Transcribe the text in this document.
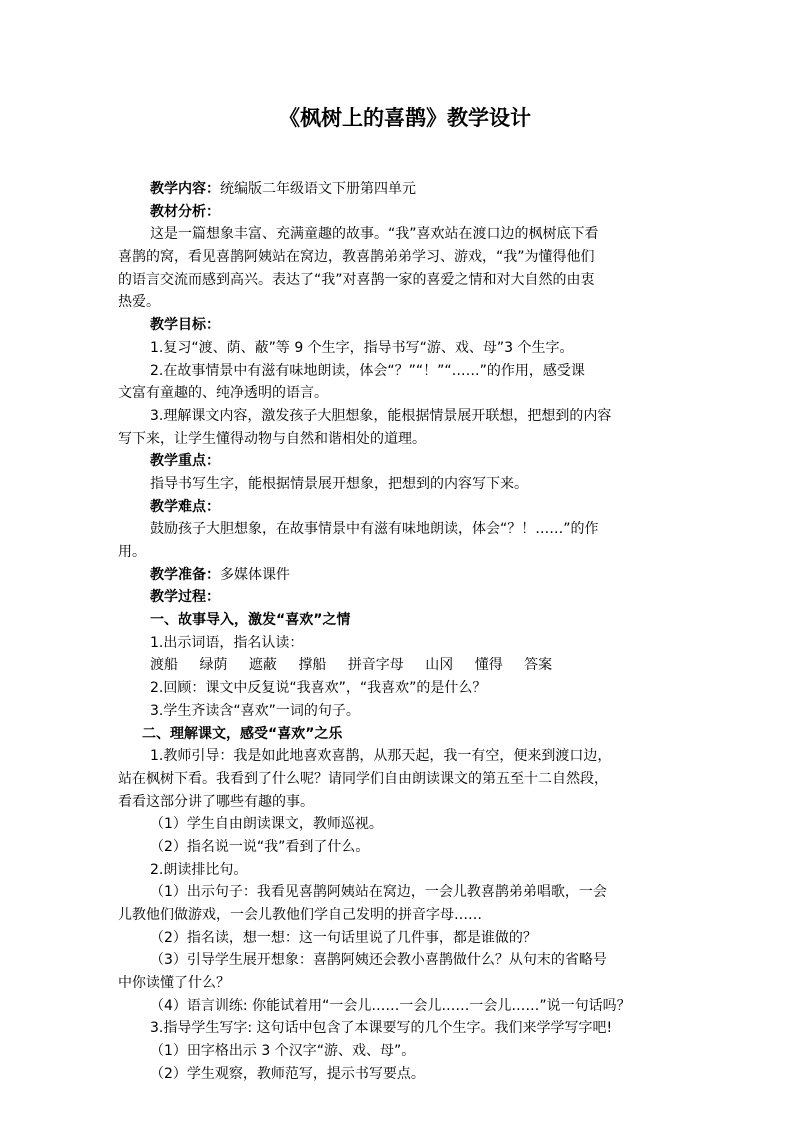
《枫树上的喜鹊》教学设计
教学内容：统编版二年级语文下册第四单元
教材分析：
这是一篇想象丰富、充满童趣的故事。“我”喜欢站在渡口边的枫树底下看
喜鹊的窝，看见喜鹊阿姨站在窝边，教喜鹊弟弟学习、游戏，“我”为懂得他们
的语言交流而感到高兴。表达了“我”对喜鹊一家的喜爱之情和对大自然的由衷
热爱。
教学目标：
1.复习“渡、荫、蔽”等 9 个生字，指导书写“游、戏、母”3 个生字。
2.在故事情景中有滋有味地朗读，体会“？”“！”“……”的作用，感受课
文富有童趣的、纯净透明的语言。
3.理解课文内容，激发孩子大胆想象，能根据情景展开联想，把想到的内容
写下来，让学生懂得动物与自然和谐相处的道理。
教学重点：
指导书写生字，能根据情景展开想象，把想到的内容写下来。
教学难点：
鼓励孩子大胆想象，在故事情景中有滋有味地朗读，体会“？！……”的作
用。
教学准备：多媒体课件
教学过程：
一、故事导入，激发“喜欢”之情
1.出示词语，指名认读：
渡船 绿荫 遮蔽 撑船 拼音字母 山冈 懂得 答案
2.回顾：课文中反复说“我喜欢”，“我喜欢”的是什么？
3.学生齐读含“喜欢”一词的句子。
二、理解课文，感受“喜欢”之乐
1.教师引导：我是如此地喜欢喜鹊，从那天起，我一有空，便来到渡口边，
站在枫树下看。我看到了什么呢？请同学们自由朗读课文的第五至十二自然段，
看看这部分讲了哪些有趣的事。
（1）学生自由朗读课文，教师巡视。
（2）指名说一说“我”看到了什么。
2.朗读排比句。
（1）出示句子：我看见喜鹊阿姨站在窝边，一会儿教喜鹊弟弟唱歌，一会
儿教他们做游戏，一会儿教他们学自己发明的拼音字母……
（2）指名读，想一想：这一句话里说了几件事，都是谁做的？
（3）引导学生展开想象：喜鹊阿姨还会教小喜鹊做什么？从句末的省略号
中你读懂了什么？
（4）语言训练: 你能试着用“一会儿……一会儿……一会儿……”说一句话吗？
3.指导学生写字: 这句话中包含了本课要写的几个生字。我们来学学写字吧!
（1）田字格出示 3 个汉字“游、戏、母”。
（2）学生观察，教师范写，提示书写要点。
